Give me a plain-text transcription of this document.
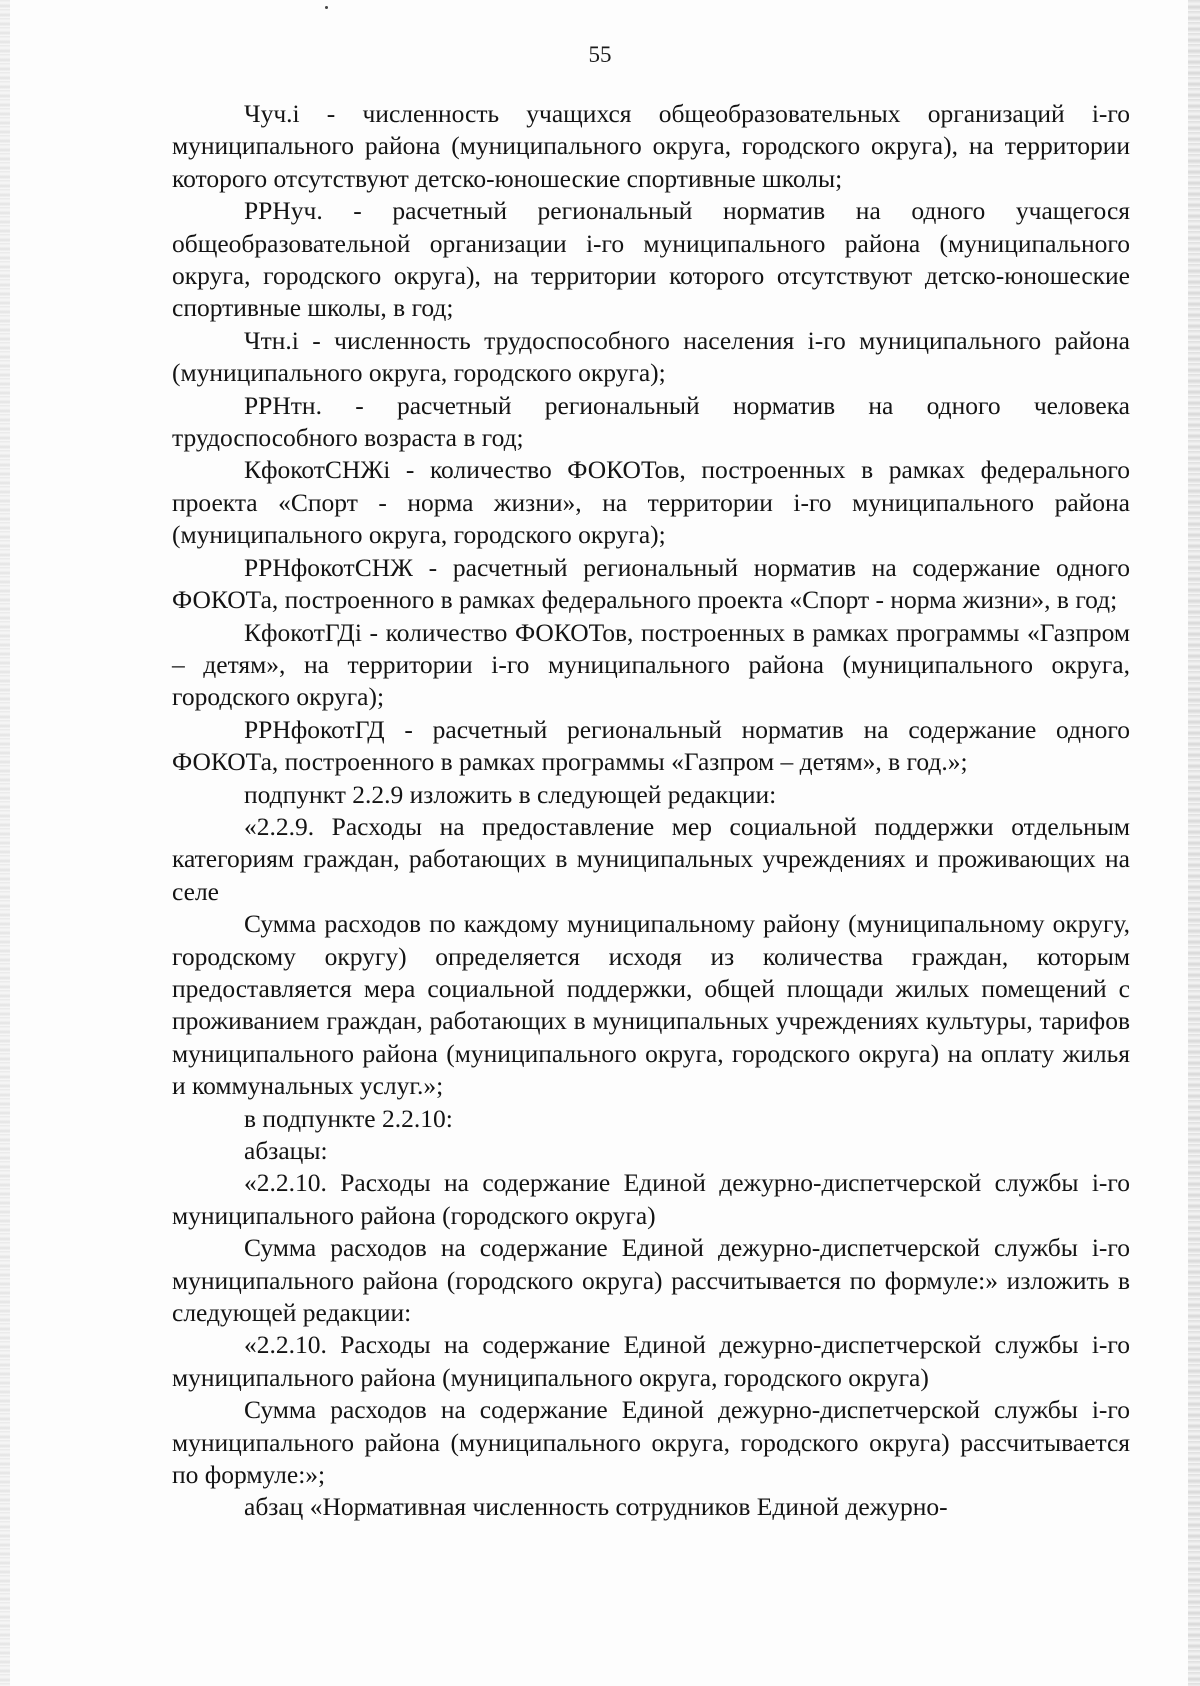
55

Чуч.i - численность учащихся общеобразовательных организаций i-го муниципального района (муниципального округа, городского округа), на территории которого отсутствуют детско-юношеские спортивные школы;

РРНуч. - расчетный региональный норматив на одного учащегося общеобразовательной организации i-го муниципального района (муниципального округа, городского округа), на территории которого отсутствуют детско-юношеские спортивные школы, в год;

Чтн.i - численность трудоспособного населения i-го муниципального района (муниципального округа, городского округа);

РРНтн. - расчетный региональный норматив на одного человека трудоспособного возраста в год;

КфокотСНЖi - количество ФОКОТов, построенных в рамках федерального проекта «Спорт - норма жизни», на территории i-го муниципального района (муниципального округа, городского округа);

РРНфокотСНЖ - расчетный региональный норматив на содержание одного ФОКОТа, построенного в рамках федерального проекта «Спорт - норма жизни», в год;

КфокотГДi - количество ФОКОТов, построенных в рамках программы «Газпром – детям», на территории i-го муниципального района (муниципального округа, городского округа);

РРНфокотГД - расчетный региональный норматив на содержание одного ФОКОТа, построенного в рамках программы «Газпром – детям», в год.»;

подпункт 2.2.9 изложить в следующей редакции:

«2.2.9. Расходы на предоставление мер социальной поддержки отдельным категориям граждан, работающих в муниципальных учреждениях и проживающих на селе

Сумма расходов по каждому муниципальному району (муниципальному округу, городскому округу) определяется исходя из количества граждан, которым предоставляется мера социальной поддержки, общей площади жилых помещений с проживанием граждан, работающих в муниципальных учреждениях культуры, тарифов муниципального района (муниципального округа, городского округа) на оплату жилья и коммунальных услуг.»;

в подпункте 2.2.10:

абзацы:

«2.2.10. Расходы на содержание Единой дежурно-диспетчерской службы i-го муниципального района (городского округа)

Сумма расходов на содержание Единой дежурно-диспетчерской службы i-го муниципального района (городского округа) рассчитывается по формуле:» изложить в следующей редакции:

«2.2.10. Расходы на содержание Единой дежурно-диспетчерской службы i-го муниципального района (муниципального округа, городского округа)

Сумма расходов на содержание Единой дежурно-диспетчерской службы i-го муниципального района (муниципального округа, городского округа) рассчитывается по формуле:»;

абзац «Нормативная численность сотрудников Единой дежурно-
